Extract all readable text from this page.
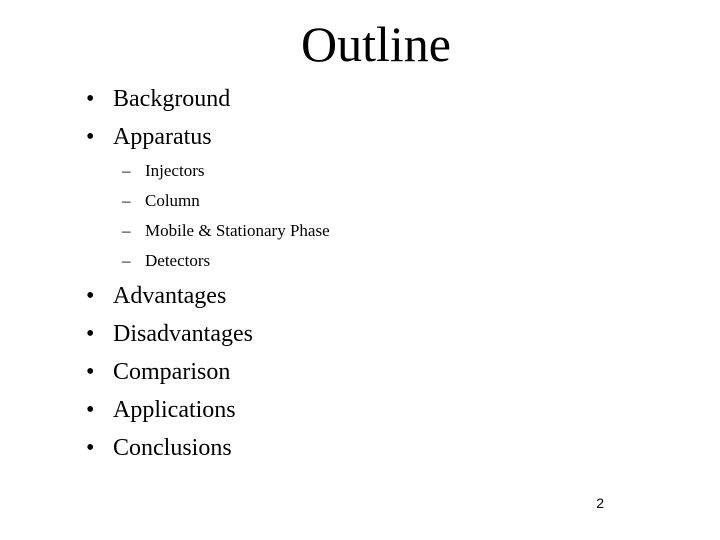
Outline
• Background
• Apparatus
– Injectors
– Column
– Mobile & Stationary Phase
– Detectors
• Advantages
• Disadvantages
• Comparison
• Applications
• Conclusions
2
